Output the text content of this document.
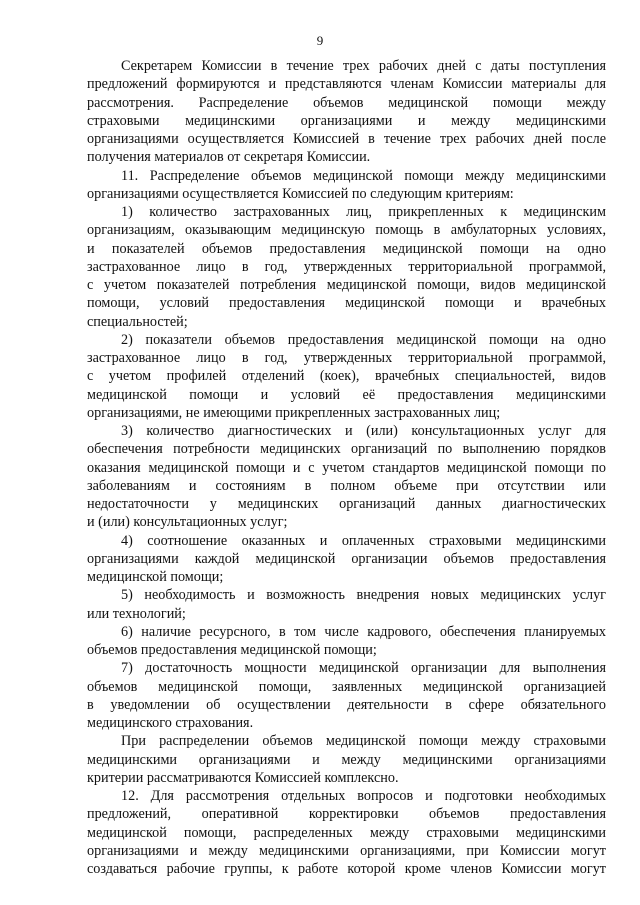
9
Секретарем Комиссии в течение трех рабочих дней с даты поступления
предложений формируются и представляются членам Комиссии материалы для
рассмотрения. Распределение объемов медицинской помощи между
страховыми медицинскими организациями и между медицинскими
организациями осуществляется Комиссией в течение трех рабочих дней после
получения материалов от секретаря Комиссии.
11. Распределение объемов медицинской помощи между медицинскими
организациями осуществляется Комиссией по следующим критериям:
1) количество застрахованных лиц, прикрепленных к медицинским
организациям, оказывающим медицинскую помощь в амбулаторных условиях,
и показателей объемов предоставления медицинской помощи на одно
застрахованное лицо в год, утвержденных территориальной программой,
с учетом показателей потребления медицинской помощи, видов медицинской
помощи, условий предоставления медицинской помощи и врачебных
специальностей;
2) показатели объемов предоставления медицинской помощи на одно
застрахованное лицо в год, утвержденных территориальной программой,
с учетом профилей отделений (коек), врачебных специальностей, видов
медицинской помощи и условий её предоставления медицинскими
организациями, не имеющими прикрепленных застрахованных лиц;
3) количество диагностических и (или) консультационных услуг для
обеспечения потребности медицинских организаций по выполнению порядков
оказания медицинской помощи и с учетом стандартов медицинской помощи по
заболеваниям и состояниям в полном объеме при отсутствии или
недостаточности у медицинских организаций данных диагностических
и (или) консультационных услуг;
4) соотношение оказанных и оплаченных страховыми медицинскими
организациями каждой медицинской организации объемов предоставления
медицинской помощи;
5) необходимость и возможность внедрения новых медицинских услуг
или технологий;
6) наличие ресурсного, в том числе кадрового, обеспечения планируемых
объемов предоставления медицинской помощи;
7) достаточность мощности медицинской организации для выполнения
объемов медицинской помощи, заявленных медицинской организацией
в уведомлении об осуществлении деятельности в сфере обязательного
медицинского страхования.
При распределении объемов медицинской помощи между страховыми
медицинскими организациями и между медицинскими организациями
критерии рассматриваются Комиссией комплексно.
12. Для рассмотрения отдельных вопросов и подготовки необходимых
предложений, оперативной корректировки объемов предоставления
медицинской помощи, распределенных между страховыми медицинскими
организациями и между медицинскими организациями, при Комиссии могут
создаваться рабочие группы, к работе которой кроме членов Комиссии могут
